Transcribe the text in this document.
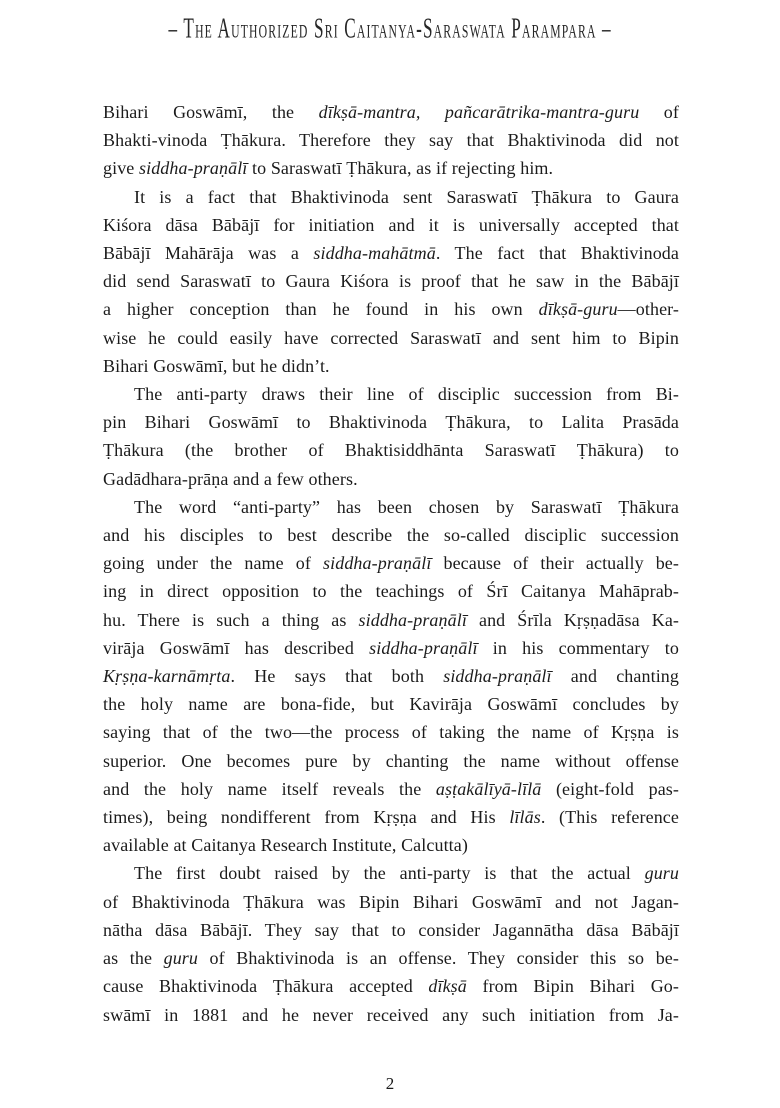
– The Authorized Sri Caitanya-Saraswata Parampara –
Bihari Goswāmī, the dīkṣā-mantra, pañcarātrika-mantra-guru of
Bhakti-vinoda Ṭhākura. Therefore they say that Bhaktivinoda did not
give siddha-praṇālī to Saraswatī Ṭhākura, as if rejecting him.
It is a fact that Bhaktivinoda sent Saraswatī Ṭhākura to Gaura
Kiśora dāsa Bābājī for initiation and it is universally accepted that
Bābājī Mahārāja was a siddha-mahātmā. The fact that Bhaktivinoda
did send Saraswatī to Gaura Kiśora is proof that he saw in the Bābājī
a higher conception than he found in his own dīkṣā-guru—other-
wise he could easily have corrected Saraswatī and sent him to Bipin
Bihari Goswāmī, but he didn’t.
The anti-party draws their line of disciplic succession from Bi-
pin Bihari Goswāmī to Bhaktivinoda Ṭhākura, to Lalita Prasāda
Ṭhākura (the brother of Bhaktisiddhānta Saraswatī Ṭhākura) to
Gadādhara-prāṇa and a few others.
The word “anti-party” has been chosen by Saraswatī Ṭhākura
and his disciples to best describe the so-called disciplic succession
going under the name of siddha-praṇālī because of their actually be-
ing in direct opposition to the teachings of Śrī Caitanya Mahāprab-
hu. There is such a thing as siddha-praṇālī and Śrīla Kṛṣṇadāsa Ka-
virāja Goswāmī has described siddha-praṇālī in his commentary to
Kṛṣṇa-karnāmṛta. He says that both siddha-praṇālī and chanting
the holy name are bona-fide, but Kavirāja Goswāmī concludes by
saying that of the two—the process of taking the name of Kṛṣṇa is
superior. One becomes pure by chanting the name without offense
and the holy name itself reveals the aṣṭakālīyā-līlā (eight-fold pas-
times), being nondifferent from Kṛṣṇa and His līlās. (This reference
available at Caitanya Research Institute, Calcutta)
The first doubt raised by the anti-party is that the actual guru
of Bhaktivinoda Ṭhākura was Bipin Bihari Goswāmī and not Jagan-
nātha dāsa Bābājī. They say that to consider Jagannātha dāsa Bābājī
as the guru of Bhaktivinoda is an offense. They consider this so be-
cause Bhaktivinoda Ṭhākura accepted dīkṣā from Bipin Bihari Go-
swāmī in 1881 and he never received any such initiation from Ja-
2
